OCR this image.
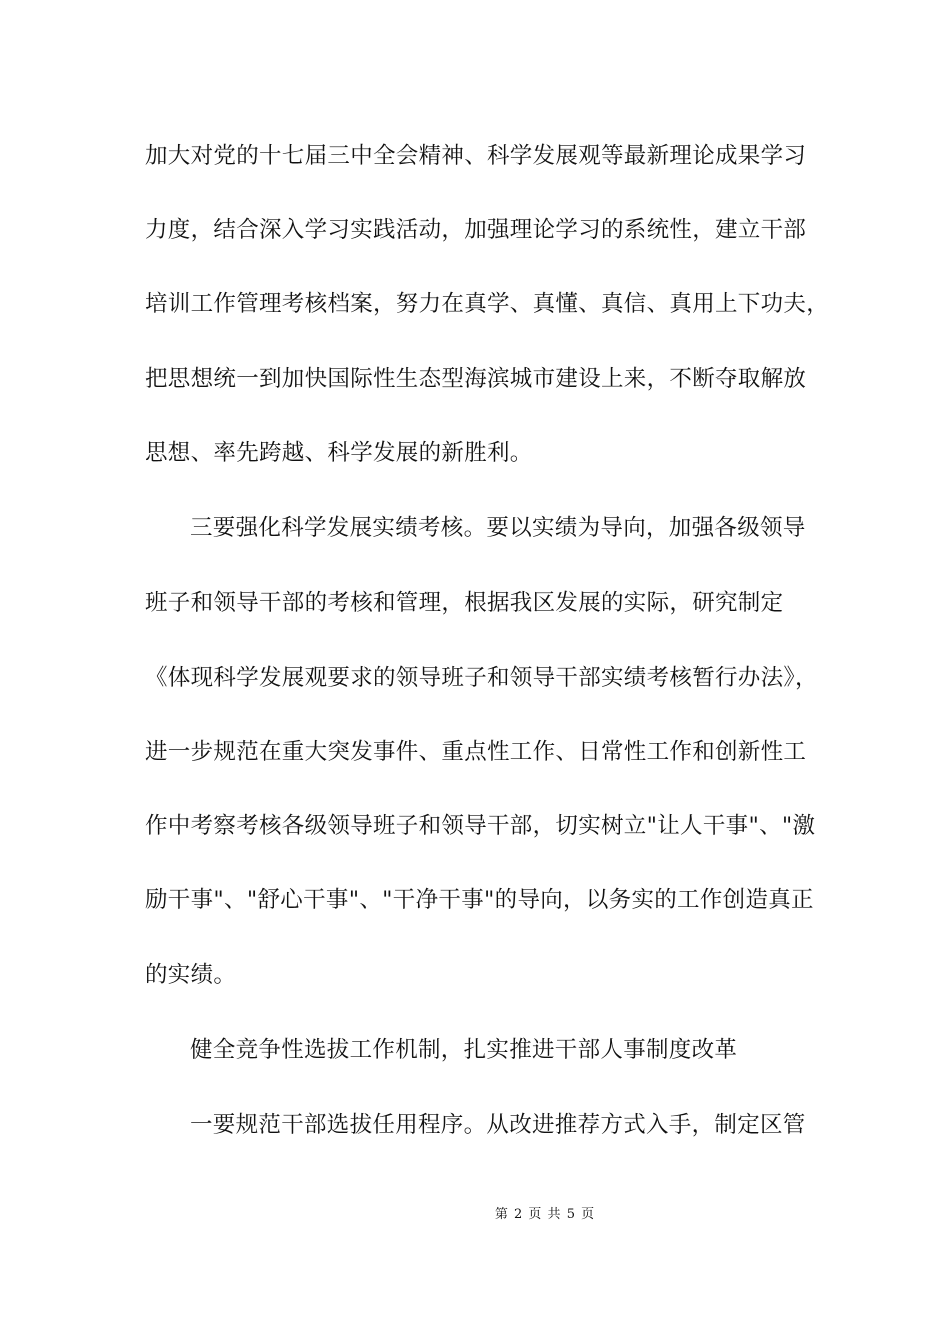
加大对党的十七届三中全会精神、科学发展观等最新理论成果学习
力度，结合深入学习实践活动，加强理论学习的系统性，建立干部
培训工作管理考核档案，努力在真学、真懂、真信、真用上下功夫，
把思想统一到加快国际性生态型海滨城市建设上来，不断夺取解放
思想、率先跨越、科学发展的新胜利。
三要强化科学发展实绩考核。要以实绩为导向，加强各级领导
班子和领导干部的考核和管理，根据我区发展的实际，研究制定
《体现科学发展观要求的领导班子和领导干部实绩考核暂行办法》，
进一步规范在重大突发事件、重点性工作、日常性工作和创新性工
作中考察考核各级领导班子和领导干部，切实树立"让人干事"、"激
励干事"、"舒心干事"、"干净干事"的导向，以务实的工作创造真正
的实绩。
健全竞争性选拔工作机制，扎实推进干部人事制度改革
一要规范干部选拔任用程序。从改进推荐方式入手，制定区管
第 2 页 共 5 页
